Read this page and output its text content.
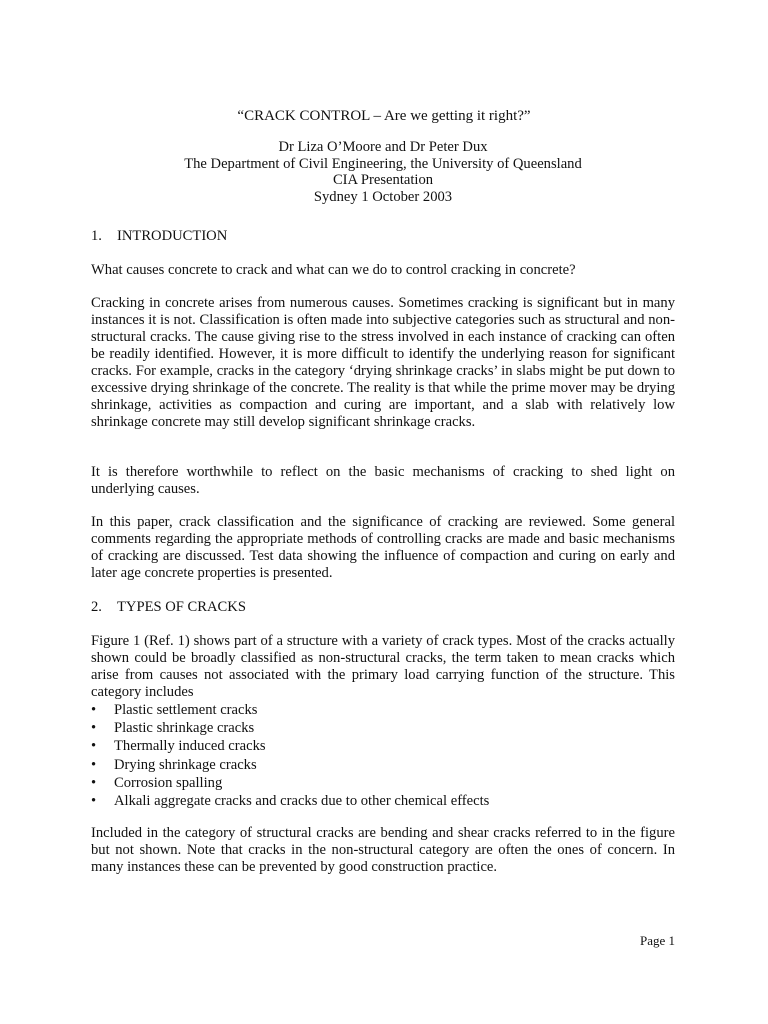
“CRACK CONTROL – Are we getting it right?”
Dr Liza O’Moore and Dr Peter Dux
The Department of Civil Engineering, the University of Queensland
CIA Presentation
Sydney 1 October 2003
1. INTRODUCTION

What causes concrete to crack and what can we do to control cracking in concrete?

Cracking in concrete arises from numerous causes. Sometimes cracking is significant but in many instances it is not. Classification is often made into subjective categories such as structural and non-structural cracks. The cause giving rise to the stress involved in each instance of cracking can often be readily identified. However, it is more difficult to identify the underlying reason for significant cracks. For example, cracks in the category ‘drying shrinkage cracks’ in slabs might be put down to excessive drying shrinkage of the concrete. The reality is that while the prime mover may be drying shrinkage, activities as compaction and curing are important, and a slab with relatively low shrinkage concrete may still develop significant shrinkage cracks.

It is therefore worthwhile to reflect on the basic mechanisms of cracking to shed light on underlying causes.

In this paper, crack classification and the significance of cracking are reviewed. Some general comments regarding the appropriate methods of controlling cracks are made and basic mechanisms of cracking are discussed. Test data showing the influence of compaction and curing on early and later age concrete properties is presented.

2. TYPES OF CRACKS

Figure 1 (Ref. 1) shows part of a structure with a variety of crack types. Most of the cracks actually shown could be broadly classified as non-structural cracks, the term taken to mean cracks which arise from causes not associated with the primary load carrying function of the structure. This category includes

• Plastic settlement cracks
• Plastic shrinkage cracks
• Thermally induced cracks
• Drying shrinkage cracks
• Corrosion spalling
• Alkali aggregate cracks and cracks due to other chemical effects

Included in the category of structural cracks are bending and shear cracks referred to in the figure but not shown. Note that cracks in the non-structural category are often the ones of concern. In many instances these can be prevented by good construction practice.

Page 1
